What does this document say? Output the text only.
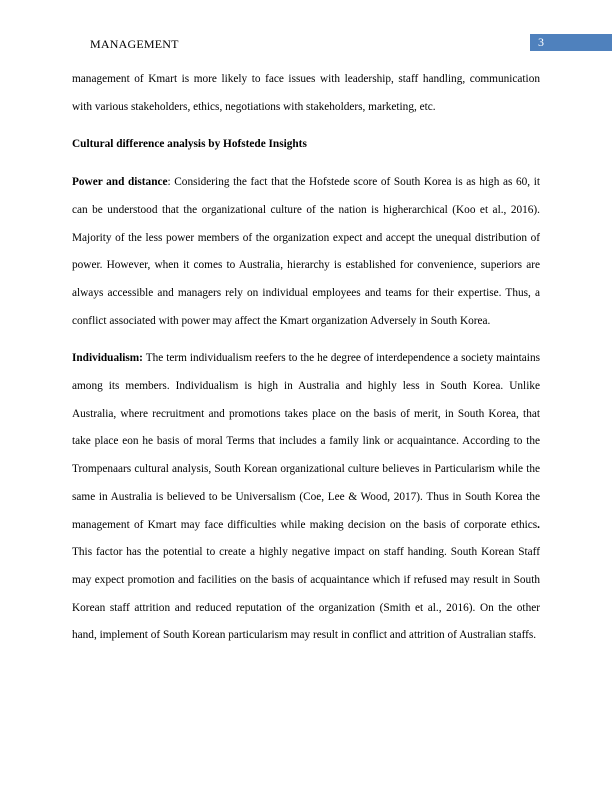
MANAGEMENT	3

management of Kmart is more likely to face issues with leadership, staff handling, communication with various stakeholders, ethics, negotiations with stakeholders, marketing, etc.

Cultural difference analysis by Hofstede Insights

Power and distance: Considering the fact that the Hofstede score of South Korea is as high as 60, it can be understood that the organizational culture of the nation is higherarchical (Koo et al., 2016). Majority of the less power members of the organization expect and accept the unequal distribution of power. However, when it comes to Australia, hierarchy is established for convenience, superiors are always accessible and managers rely on individual employees and teams for their expertise. Thus, a conflict associated with power may affect the Kmart organization Adversely in South Korea.

Individualism: The term individualism reefers to the he degree of interdependence a society maintains among its members. Individualism is high in Australia and highly less in South Korea. Unlike Australia, where recruitment and promotions takes place on the basis of merit, in South Korea, that take place eon he basis of moral Terms that includes a family link or acquaintance. According to the Trompenaars cultural analysis, South Korean organizational culture believes in Particularism while the same in Australia is believed to be Universalism (Coe, Lee & Wood, 2017). Thus in South Korea the management of Kmart may face difficulties while making decision on the basis of corporate ethics. This factor has the potential to create a highly negative impact on staff handing. South Korean Staff may expect promotion and facilities on the basis of acquaintance which if refused may result in South Korean staff attrition and reduced reputation of the organization (Smith et al., 2016). On the other hand, implement of South Korean particularism may result in conflict and attrition of Australian staffs.
